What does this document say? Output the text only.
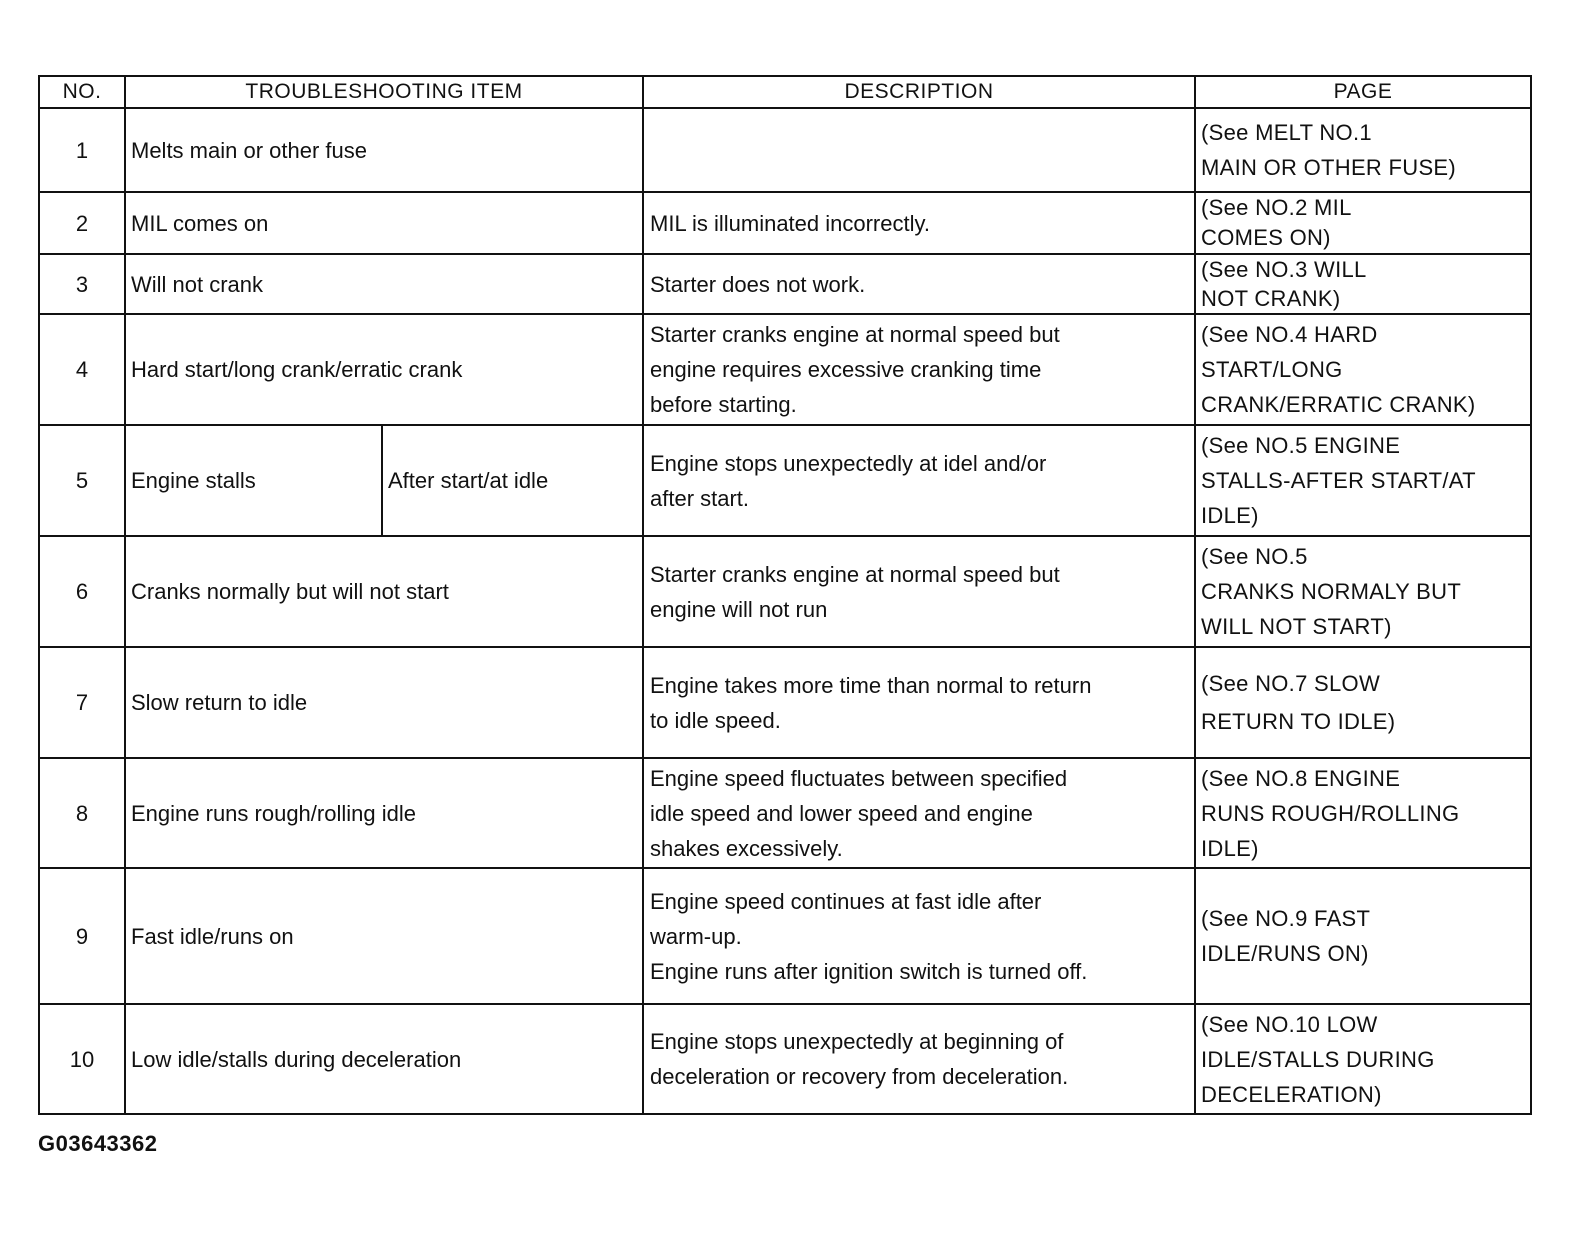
NO.	TROUBLESHOOTING ITEM		DESCRIPTION	PAGE
1	Melts main or other fuse			(See MELT NO.1
MAIN OR OTHER FUSE)
2	MIL comes on		MIL is illuminated incorrectly.	(See NO.2 MIL
COMES ON)
3	Will not crank		Starter does not work.	(See NO.3 WILL
NOT CRANK)
4	Hard start/long crank/erratic crank		Starter cranks engine at normal speed but
engine requires excessive cranking time
before starting.	(See NO.4 HARD
START/LONG
CRANK/ERRATIC CRANK)
5	Engine stalls	After start/at idle	Engine stops unexpectedly at idel and/or
after start.	(See NO.5 ENGINE
STALLS-AFTER START/AT
IDLE)
6	Cranks normally but will not start		Starter cranks engine at normal speed but
engine will not run	(See NO.5
CRANKS NORMALY BUT
WILL NOT START)
7	Slow return to idle		Engine takes more time than normal to return
to idle speed.	(See NO.7 SLOW
RETURN TO IDLE)
8	Engine runs rough/rolling idle		Engine speed fluctuates between specified
idle speed and lower speed and engine
shakes excessively.	(See NO.8 ENGINE
RUNS ROUGH/ROLLING
IDLE)
9	Fast idle/runs on		Engine speed continues at fast idle after
warm-up.
Engine runs after ignition switch is turned off.	(See NO.9 FAST
IDLE/RUNS ON)
10	Low idle/stalls during deceleration		Engine stops unexpectedly at beginning of
deceleration or recovery from deceleration.	(See NO.10 LOW
IDLE/STALLS DURING
DECELERATION)
G03643362
